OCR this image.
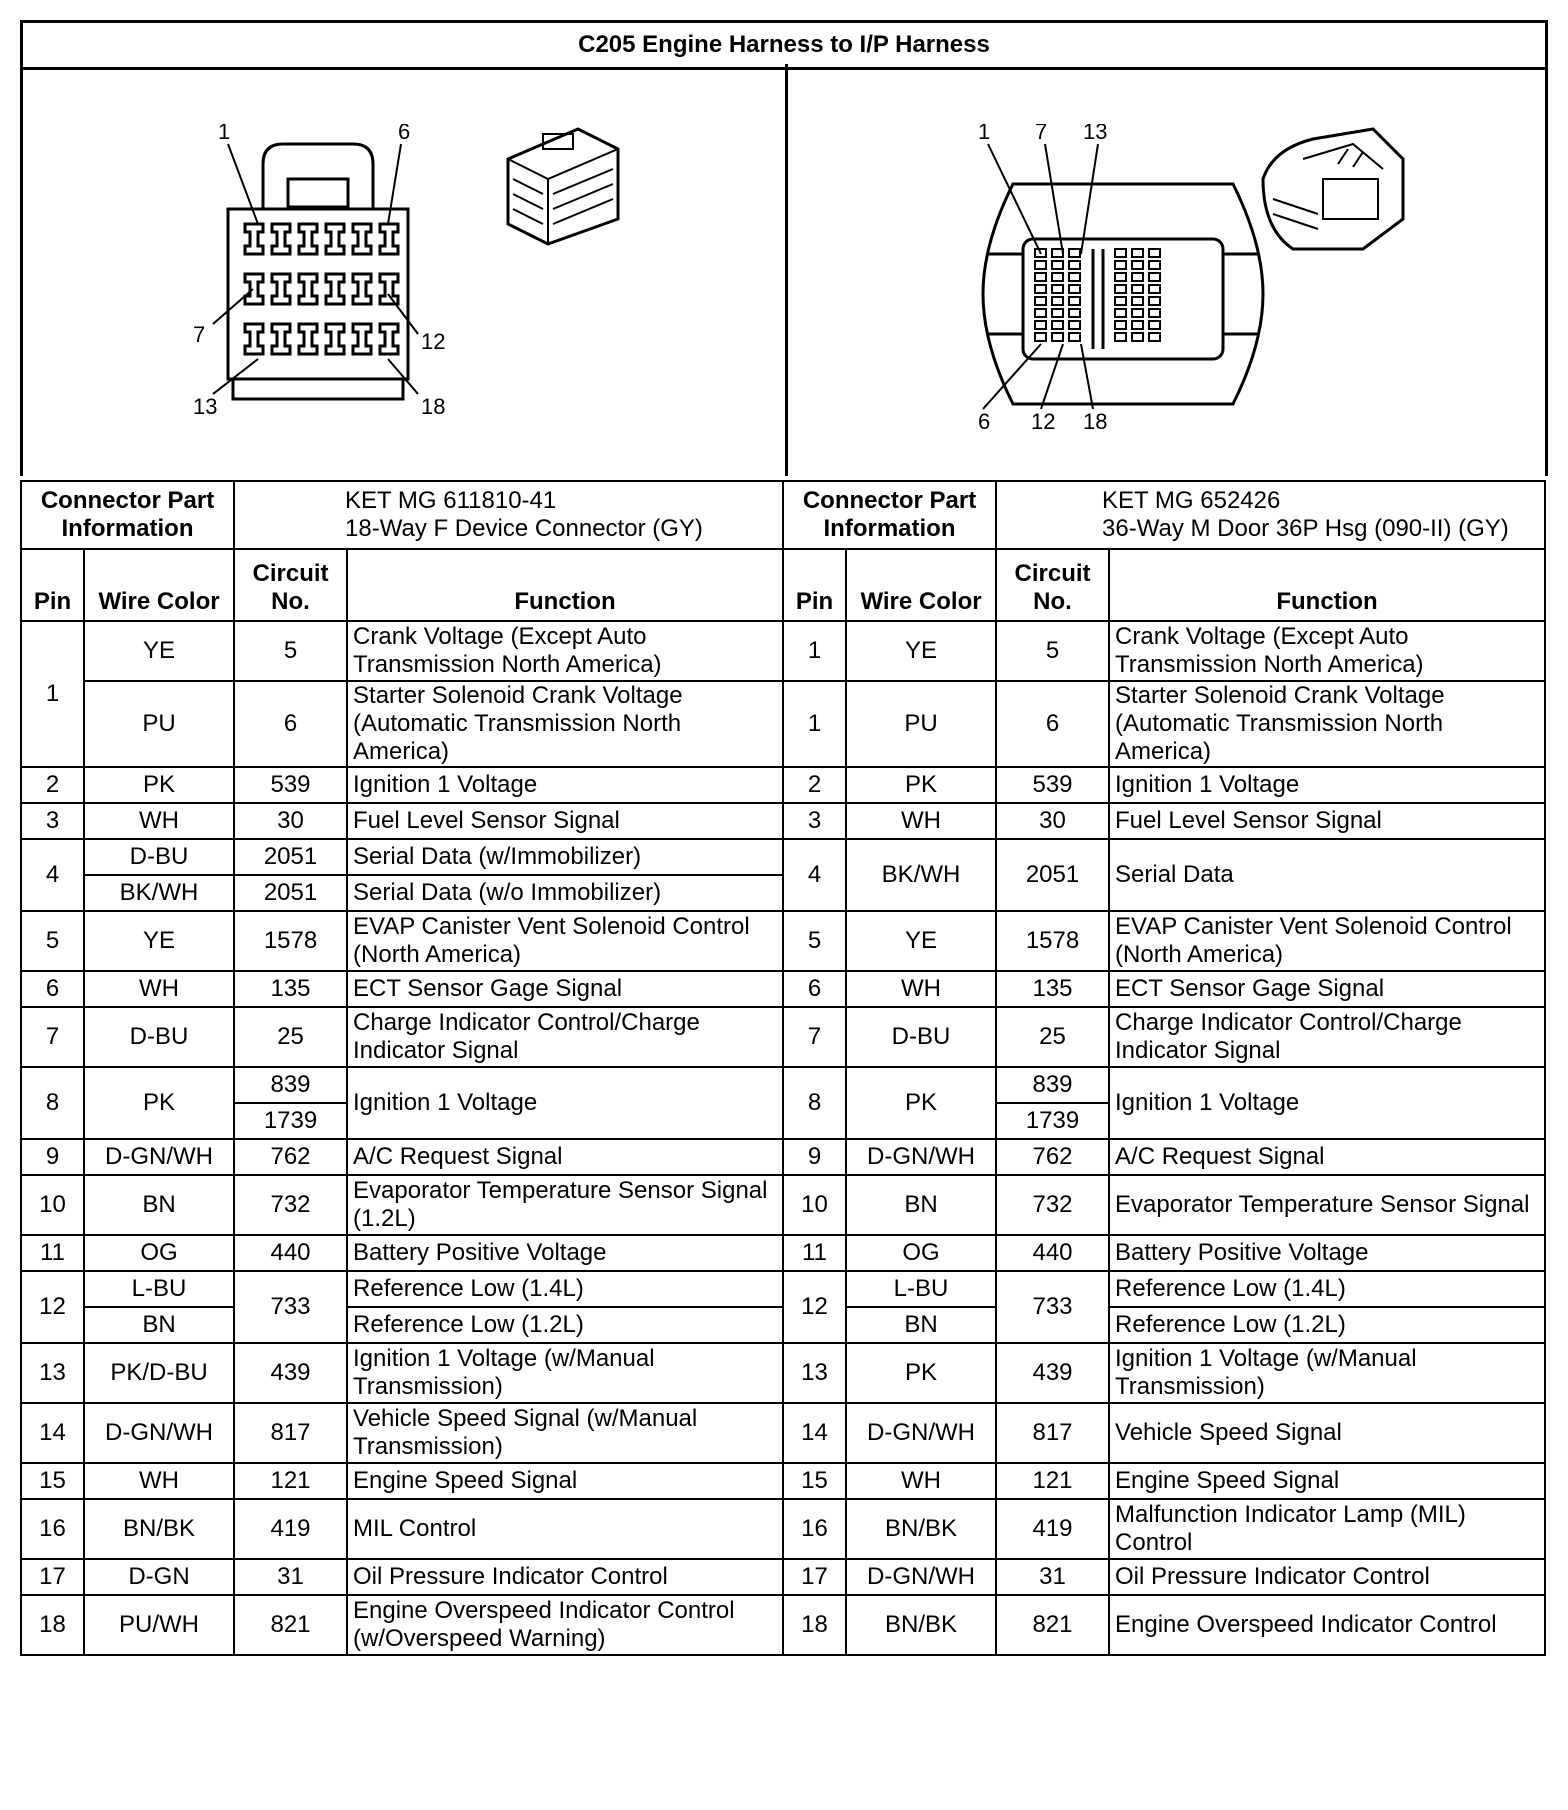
C205 Engine Harness to I/P Harness
1	6
7	12
13	18
1 7 13
6 12 18
Connector Part Information		KET MG 611810-41
18-Way F Device Connector (GY)	

Pin	Wire Color	Circuit No.	Function
1	YE	5	Crank Voltage (Except Auto Transmission North America)
	PU	6	Starter Solenoid Crank Voltage (Automatic Transmission North America)
2	PK	539	Ignition 1 Voltage
3	WH	30	Fuel Level Sensor Signal
4	D-BU	2051	Serial Data (w/Immobilizer)
	BK/WH	2051	Serial Data (w/o Immobilizer)
5	YE	1578	EVAP Canister Vent Solenoid Control (North America)
6	WH	135	ECT Sensor Gage Signal
7	D-BU	25	Charge Indicator Control/Charge Indicator Signal
8	PK	839	Ignition 1 Voltage
		1739	
9	D-GN/WH	762	A/C Request Signal
10	BN	732	Evaporator Temperature Sensor Signal (1.2L)
11	OG	440	Battery Positive Voltage
12	L-BU	733	Reference Low (1.4L)
	BN		Reference Low (1.2L)
13	PK/D-BU	439	Ignition 1 Voltage (w/Manual Transmission)
14	D-GN/WH	817	Vehicle Speed Signal (w/Manual Transmission)
15	WH	121	Engine Speed Signal
16	BN/BK	419	MIL Control
17	D-GN	31	Oil Pressure Indicator Control
18	PU/WH	821	Engine Overspeed Indicator Control (w/Overspeed Warning)
Connector Part Information		KET MG 652426
36-Way M Door 36P Hsg (090-II) (GY)	

Pin	Wire Color	Circuit No.	Function
1	YE	5	Crank Voltage (Except Auto Transmission North America)
1	PU	6	Starter Solenoid Crank Voltage (Automatic Transmission North America)
2	PK	539	Ignition 1 Voltage
3	WH	30	Fuel Level Sensor Signal
4	BK/WH	2051	Serial Data
5	YE	1578	EVAP Canister Vent Solenoid Control (North America)
6	WH	135	ECT Sensor Gage Signal
7	D-BU	25	Charge Indicator Control/Charge Indicator Signal
8	PK	839	Ignition 1 Voltage
		1739	
9	D-GN/WH	762	A/C Request Signal
10	BN	732	Evaporator Temperature Sensor Signal
11	OG	440	Battery Positive Voltage
12	L-BU	733	Reference Low (1.4L)
	BN		Reference Low (1.2L)
13	PK	439	Ignition 1 Voltage (w/Manual Transmission)
14	D-GN/WH	817	Vehicle Speed Signal
15	WH	121	Engine Speed Signal
16	BN/BK	419	Malfunction Indicator Lamp (MIL) Control
17	D-GN/WH	31	Oil Pressure Indicator Control
18	BN/BK	821	Engine Overspeed Indicator Control
